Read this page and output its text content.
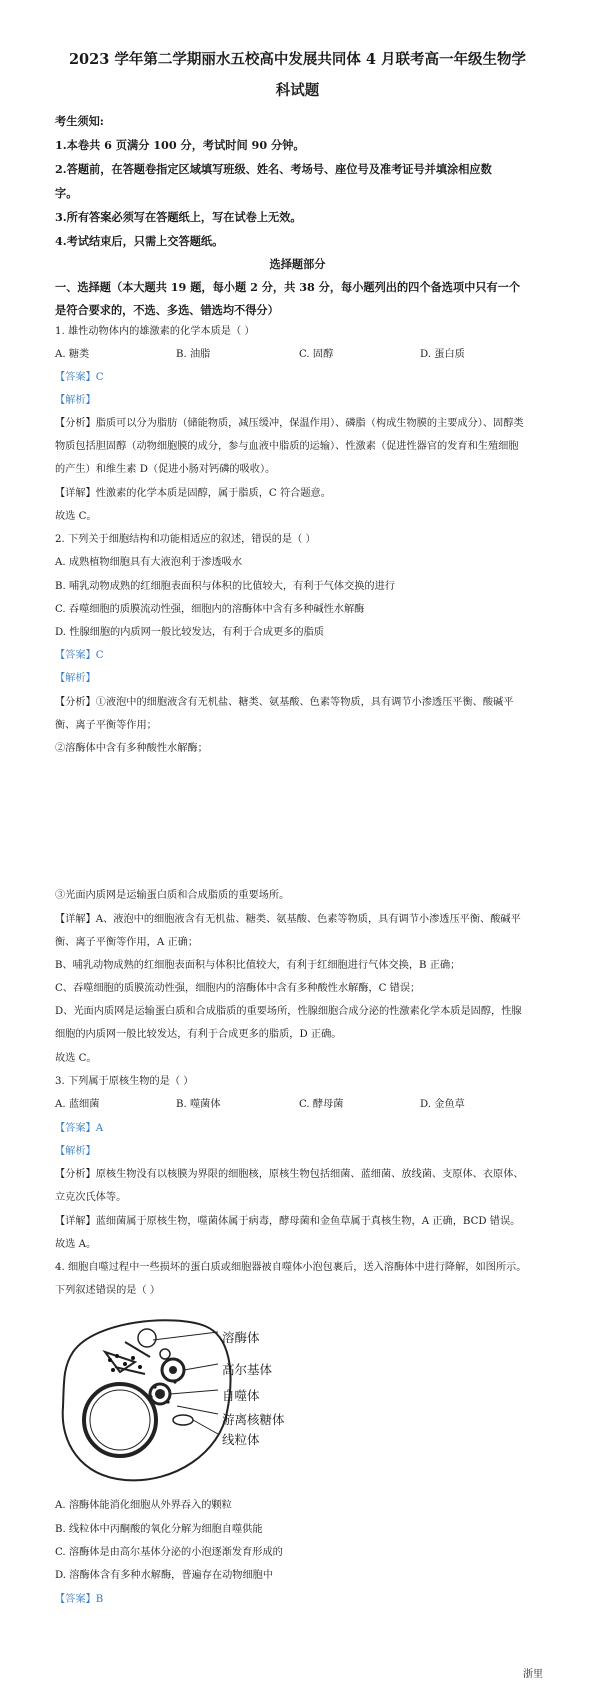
2023 学年第二学期丽水五校高中发展共同体 4 月联考高一年级生物学
科试题
考生须知:
1.本卷共 6 页满分 100 分，考试时间 90 分钟。
2.答题前，在答题卷指定区域填写班级、姓名、考场号、座位号及准考证号并填涂相应数
字。
3.所有答案必须写在答题纸上，写在试卷上无效。
4.考试结束后，只需上交答题纸。
选择题部分
一、选择题（本大题共 19 题，每小题 2 分，共 38 分，每小题列出的四个备选项中只有一个
是符合要求的，不选、多选、错选均不得分）
1. 雄性动物体内的雄激素的化学本质是（ ）
A. 糖类	B. 油脂	C. 固醇	D. 蛋白质
【答案】C
【解析】
【分析】脂质可以分为脂肪（储能物质，减压缓冲，保温作用）、磷脂（构成生物膜的主要成分）、固醇类
物质包括胆固醇（动物细胞膜的成分，参与血液中脂质的运输）、性激素（促进性器官的发育和生殖细胞
的产生）和维生素 D（促进小肠对钙磷的吸收）。
【详解】性激素的化学本质是固醇，属于脂质，C 符合题意。
故选 C。
2. 下列关于细胞结构和功能相适应的叙述，错误的是（ ）
A. 成熟植物细胞具有大液泡利于渗透吸水
B. 哺乳动物成熟的红细胞表面积与体积的比值较大，有利于气体交换的进行
C. 吞噬细胞的质膜流动性强，细胞内的溶酶体中含有多种碱性水解酶
D. 性腺细胞的内质网一般比较发达，有利于合成更多的脂质
【答案】C
【解析】
【分析】①液泡中的细胞液含有无机盐、糖类、氨基酸、色素等物质，具有调节小渗透压平衡、酸碱平
衡、离子平衡等作用；
②溶酶体中含有多种酸性水解酶；
③光面内质网是运输蛋白质和合成脂质的重要场所。
【详解】A、液泡中的细胞液含有无机盐、糖类、氨基酸、色素等物质，具有调节小渗透压平衡、酸碱平
衡、离子平衡等作用，A 正确；
B、哺乳动物成熟的红细胞表面积与体积比值较大，有利于红细胞进行气体交换，B 正确；
C、吞噬细胞的质膜流动性强，细胞内的溶酶体中含有多种酸性水解酶，C 错误；
D、光面内质网是运输蛋白质和合成脂质的重要场所，性腺细胞合成分泌的性激素化学本质是固醇，性腺
细胞的内质网一般比较发达，有利于合成更多的脂质，D 正确。
故选 C。
3. 下列属于原核生物的是（ ）
A. 蓝细菌	B. 噬菌体	C. 酵母菌	D. 金鱼草
【答案】A
【解析】
【分析】原核生物没有以核膜为界限的细胞核，原核生物包括细菌、蓝细菌、放线菌、支原体、衣原体、
立克次氏体等。
【详解】蓝细菌属于原核生物，噬菌体属于病毒，酵母菌和金鱼草属于真核生物，A 正确，BCD 错误。
故选 A。
4. 细胞自噬过程中一些损坏的蛋白质或细胞器被自噬体小泡包裹后，送入溶酶体中进行降解，如图所示。
下列叙述错误的是（ ）
溶酶体
高尔基体
自噬体
游离核糖体
线粒体
A. 溶酶体能消化细胞从外界吞入的颗粒
B. 线粒体中丙酮酸的氧化分解为细胞自噬供能
C. 溶酶体是由高尔基体分泌的小泡逐渐发育形成的
D. 溶酶体含有多种水解酶，普遍存在动物细胞中
【答案】B
浙里
